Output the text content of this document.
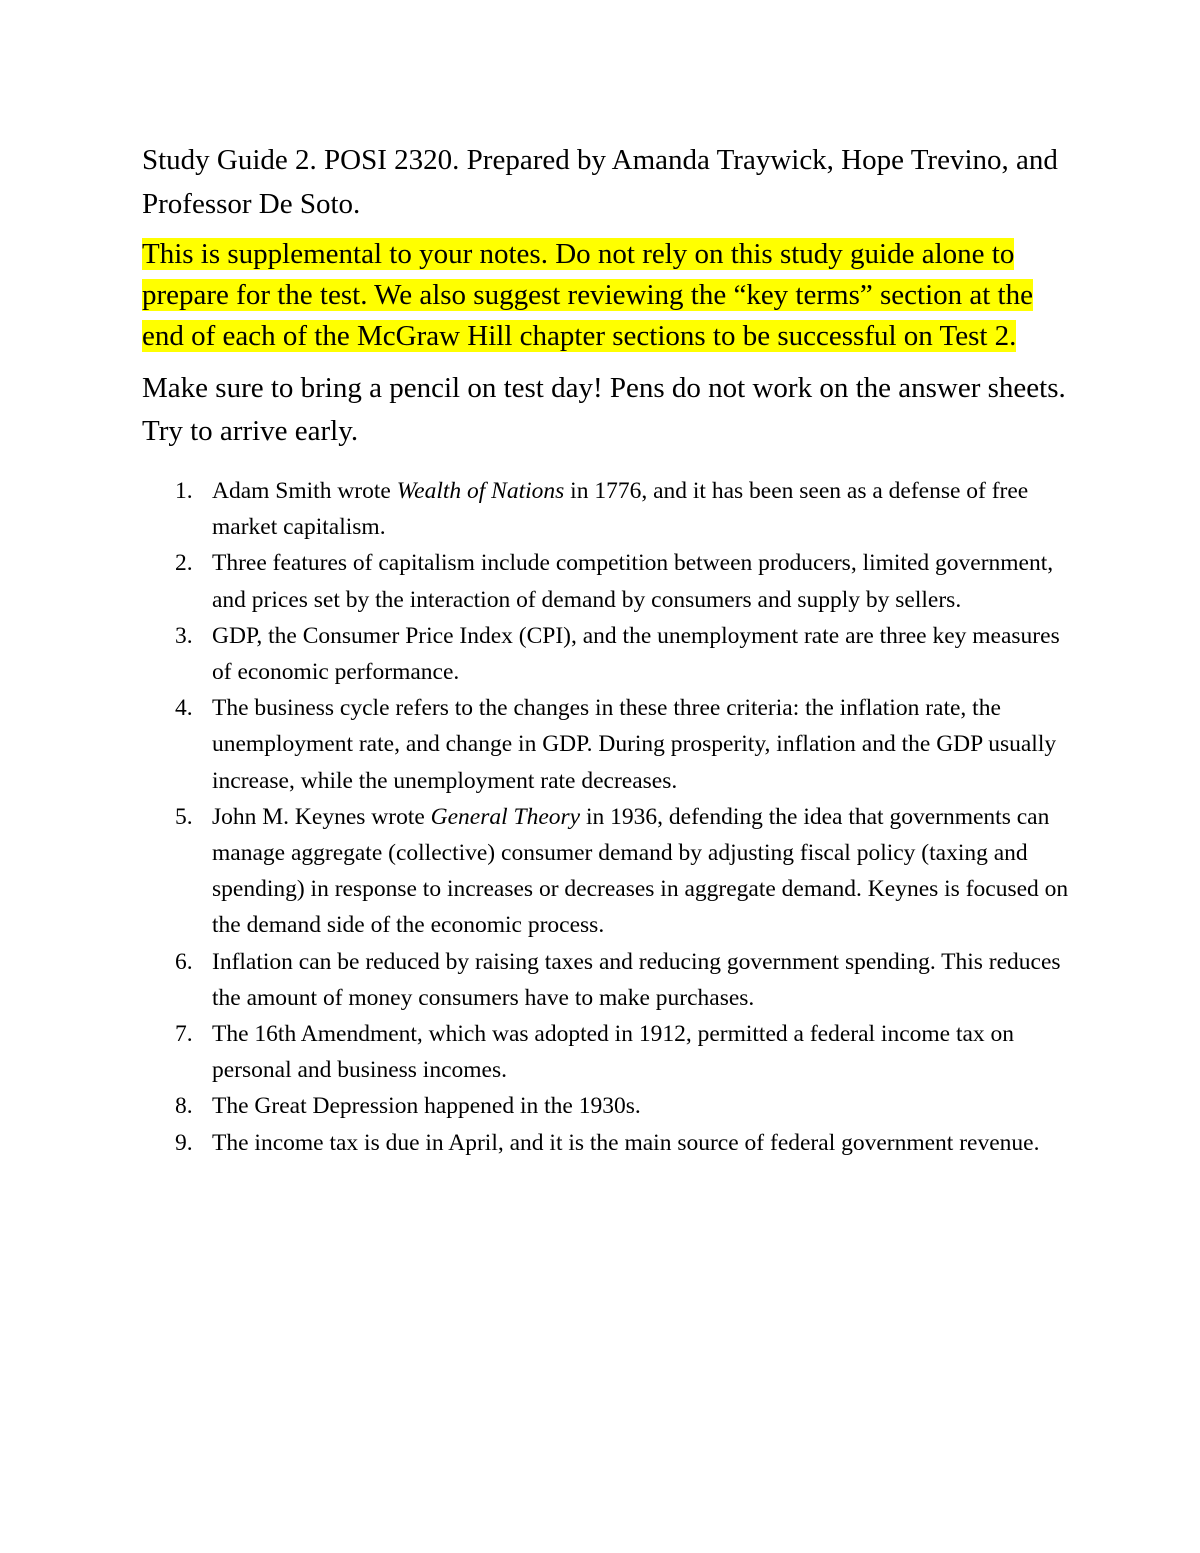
Study Guide 2. POSI 2320. Prepared by Amanda Traywick, Hope Trevino, and Professor De Soto.

This is supplemental to your notes. Do not rely on this study guide alone to prepare for the test. We also suggest reviewing the “key terms” section at the end of each of the McGraw Hill chapter sections to be successful on Test 2.

Make sure to bring a pencil on test day! Pens do not work on the answer sheets. Try to arrive early.

1. Adam Smith wrote Wealth of Nations in 1776, and it has been seen as a defense of free market capitalism.
2. Three features of capitalism include competition between producers, limited government, and prices set by the interaction of demand by consumers and supply by sellers.
3. GDP, the Consumer Price Index (CPI), and the unemployment rate are three key measures of economic performance.
4. The business cycle refers to the changes in these three criteria: the inflation rate, the unemployment rate, and change in GDP. During prosperity, inflation and the GDP usually increase, while the unemployment rate decreases.
5. John M. Keynes wrote General Theory in 1936, defending the idea that governments can manage aggregate (collective) consumer demand by adjusting fiscal policy (taxing and spending) in response to increases or decreases in aggregate demand. Keynes is focused on the demand side of the economic process.
6. Inflation can be reduced by raising taxes and reducing government spending. This reduces the amount of money consumers have to make purchases.
7. The 16th Amendment, which was adopted in 1912, permitted a federal income tax on personal and business incomes.
8. The Great Depression happened in the 1930s.
9. The income tax is due in April, and it is the main source of federal government revenue.
